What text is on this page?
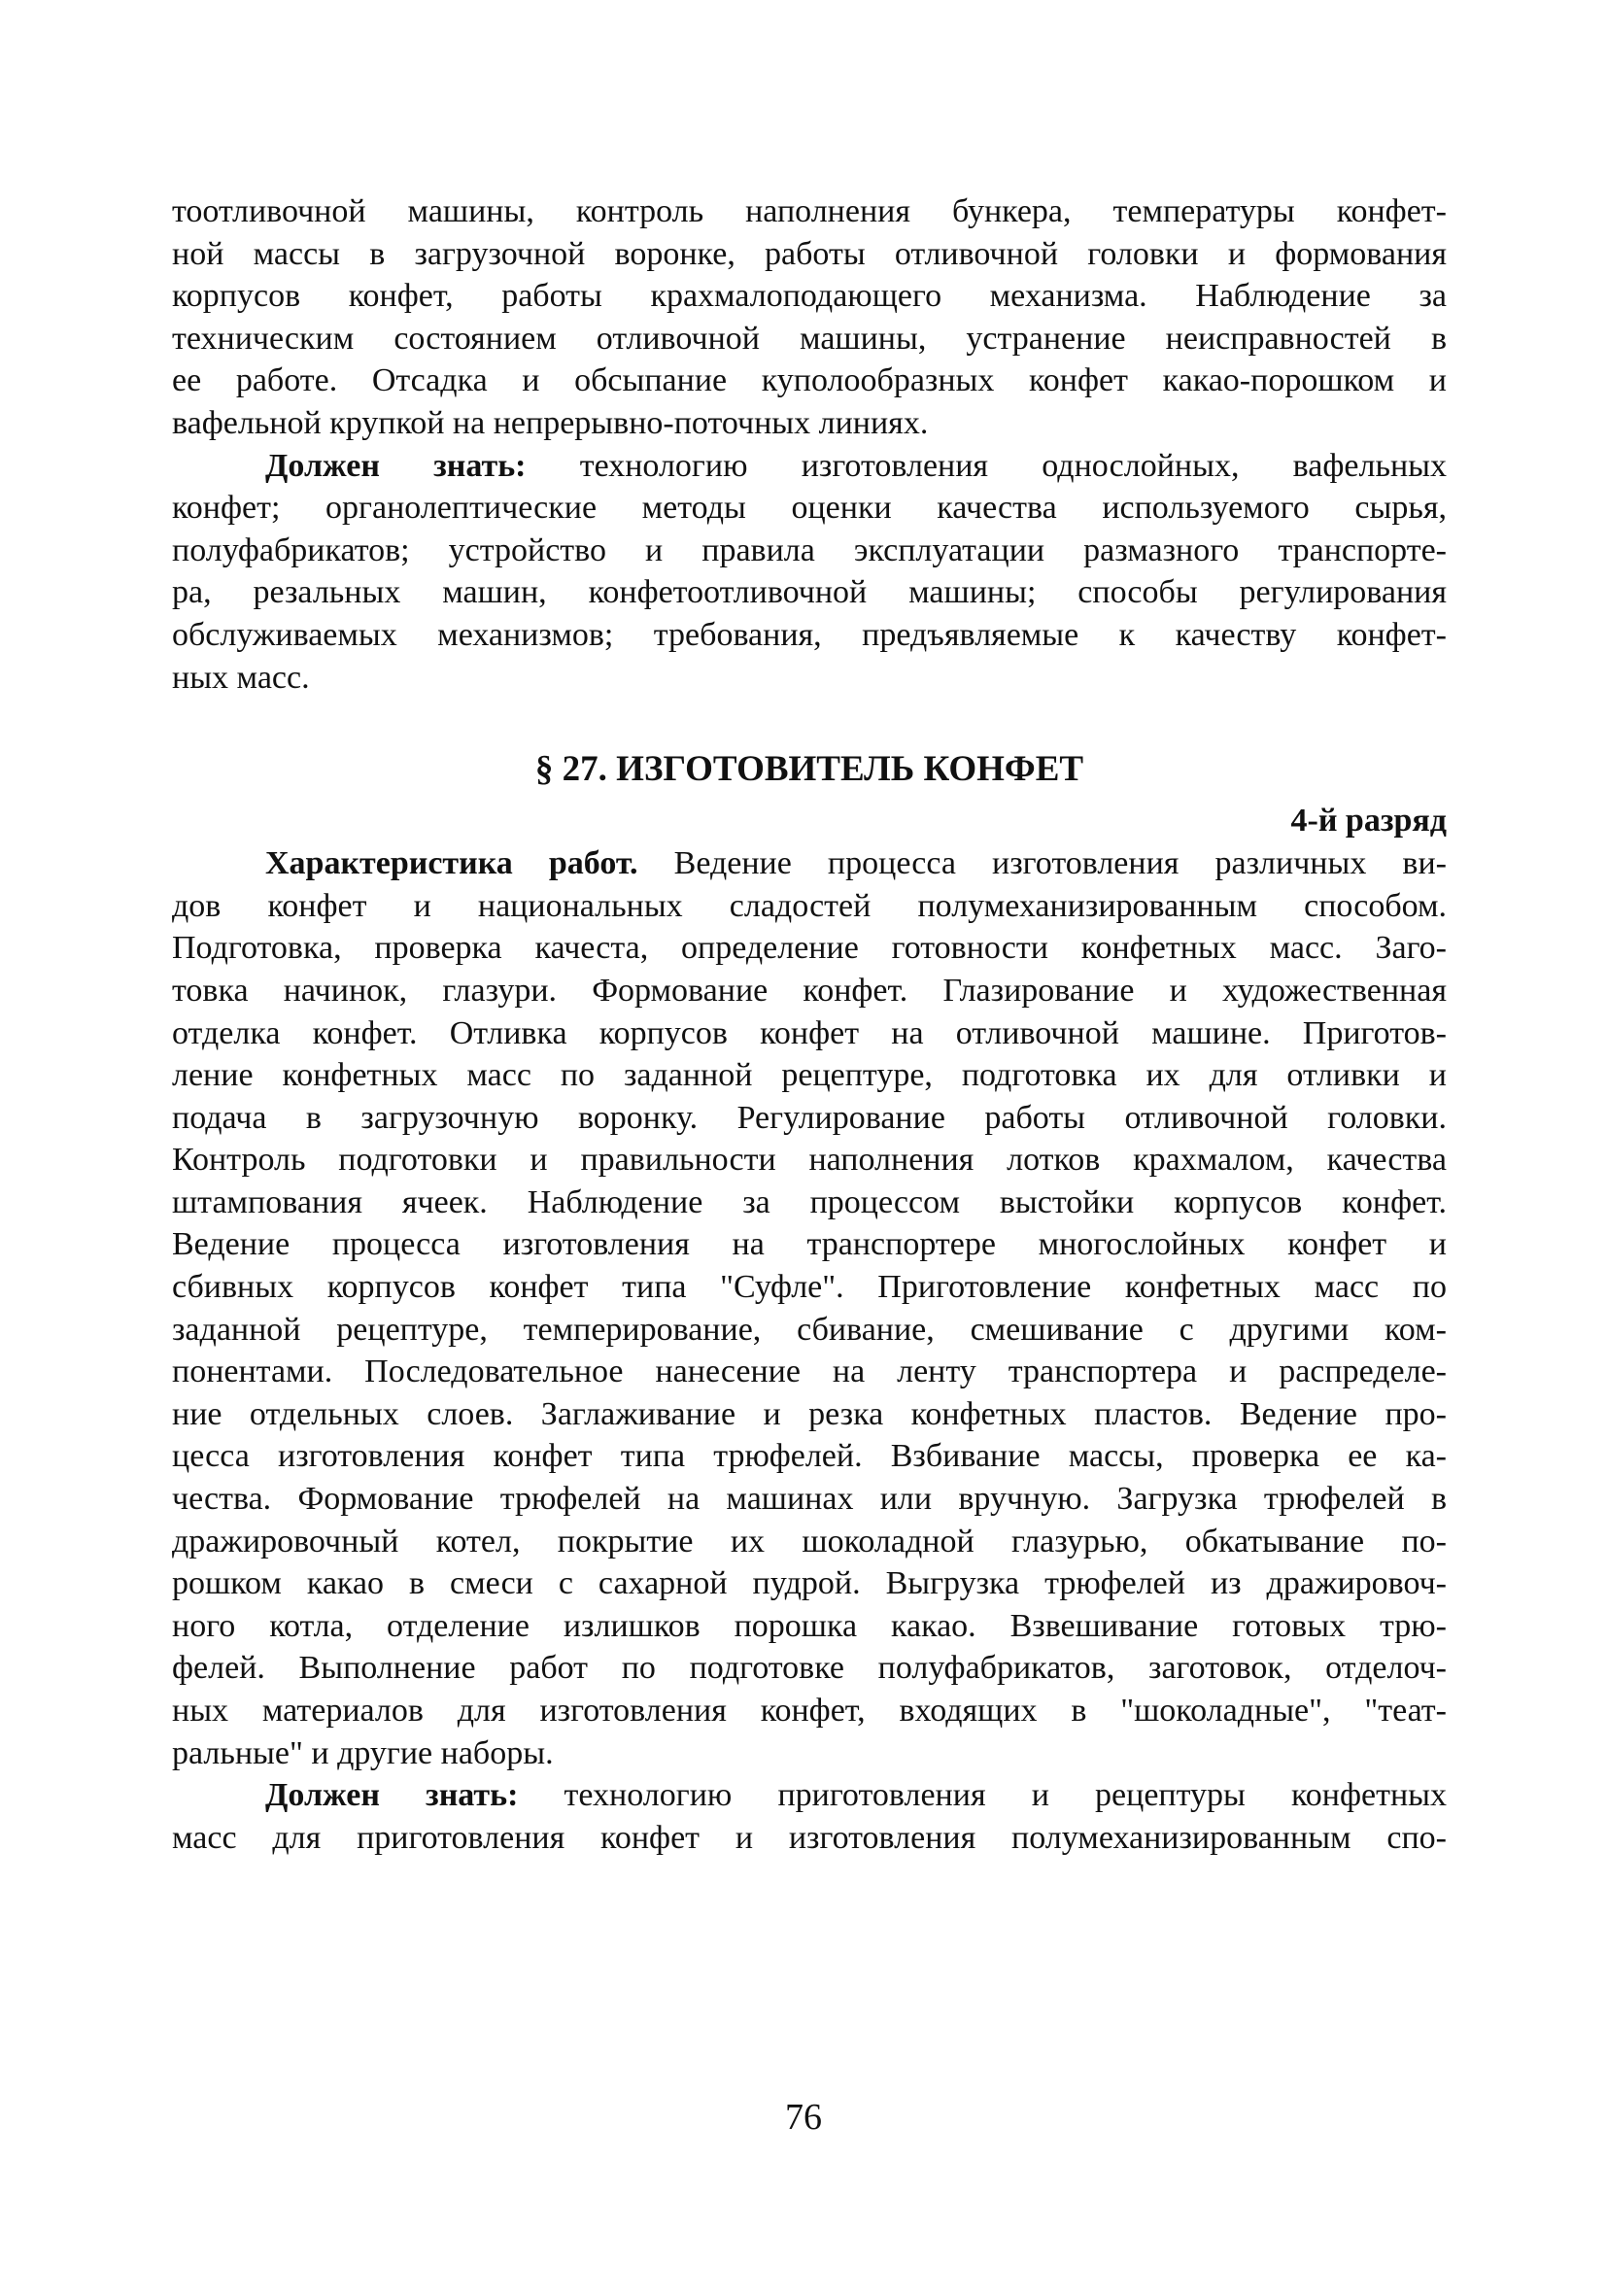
тоотливочной машины, контроль наполнения бункера, температуры конфет-

ной массы в загрузочной воронке, работы отливочной головки и формования

корпусов конфет, работы крахмалоподающего механизма. Наблюдение за

техническим состоянием отливочной машины, устранение неисправностей в

ее работе. Отсадка и обсыпание куполообразных конфет какао-порошком и

вафельной крупкой на непрерывно-поточных линиях.

Должен знать: технологию изготовления однослойных, вафельных

конфет; органолептические методы оценки качества используемого сырья,

полуфабрикатов; устройство и правила эксплуатации размазного транспорте-

ра, резальных машин, конфетоотливочной машины; способы регулирования

обслуживаемых механизмов; требования, предъявляемые к качеству конфет-

ных масс.

§ 27. ИЗГОТОВИТЕЛЬ КОНФЕТ

4-й разряд

Характеристика работ. Ведение процесса изготовления различных ви-

дов конфет и национальных сладостей полумеханизированным способом.

Подготовка, проверка качеста, определение готовности конфетных масс. Заго-

товка начинок, глазури. Формование конфет. Глазирование и художественная

отделка конфет. Отливка корпусов конфет на отливочной машине. Приготов-

ление конфетных масс по заданной рецептуре, подготовка их для отливки и

подача в загрузочную воронку. Регулирование работы отливочной головки.

Контроль подготовки и правильности наполнения лотков крахмалом, качества

штампования ячеек. Наблюдение за процессом выстойки корпусов конфет.

Ведение процесса изготовления на транспортере многослойных конфет и

сбивных корпусов конфет типа "Суфле". Приготовление конфетных масс по

заданной рецептуре, темперирование, сбивание, смешивание с другими ком-

понентами. Последовательное нанесение на ленту транспортера и распределе-

ние отдельных слоев. Заглаживание и резка конфетных пластов. Ведение про-

цесса изготовления конфет типа трюфелей. Взбивание массы, проверка ее ка-

чества. Формование трюфелей на машинах или вручную. Загрузка трюфелей в

дражировочный котел, покрытие их шоколадной глазурью, обкатывание по-

рошком какао в смеси с сахарной пудрой. Выгрузка трюфелей из дражировоч-

ного котла, отделение излишков порошка какао. Взвешивание готовых трю-

фелей. Выполнение работ по подготовке полуфабрикатов, заготовок, отделоч-

ных материалов для изготовления конфет, входящих в "шоколадные", "теат-

ральные" и другие наборы.

Должен знать: технологию приготовления и рецептуры конфетных

масс для приготовления конфет и изготовления полумеханизированным спо-

76
